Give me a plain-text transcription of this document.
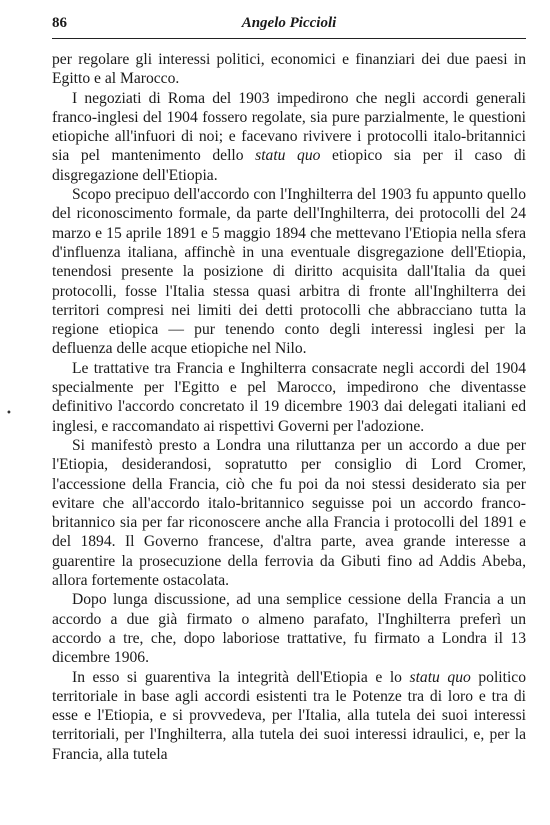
86	Angelo Piccioli
•

per regolare gli interessi politici, economici e finanziari dei due paesi in Egitto e al Marocco.

I negoziati di Roma del 1903 impedirono che negli accordi generali franco-inglesi del 1904 fossero regolate, sia pure parzialmente, le questioni etiopiche all'infuori di noi; e facevano rivivere i protocolli italo-britannici sia pel mantenimento dello statu quo etiopico sia per il caso di disgregazione dell'Etiopia.

Scopo precipuo dell'accordo con l'Inghilterra del 1903 fu appunto quello del riconoscimento formale, da parte dell'Inghilterra, dei protocolli del 24 marzo e 15 aprile 1891 e 5 maggio 1894 che mettevano l'Etiopia nella sfera d'influenza italiana, affinchè in una eventuale disgregazione dell'Etiopia, tenendosi presente la posizione di diritto acquisita dall'Italia da quei protocolli, fosse l'Italia stessa quasi arbitra di fronte all'Inghilterra dei territori compresi nei limiti dei detti protocolli che abbracciano tutta la regione etiopica — pur tenendo conto degli interessi inglesi per la defluenza delle acque etiopiche nel Nilo.

Le trattative tra Francia e Inghilterra consacrate negli accordi del 1904 specialmente per l'Egitto e pel Marocco, impedirono che diventasse definitivo l'accordo concretato il 19 dicembre 1903 dai delegati italiani ed inglesi, e raccomandato ai rispettivi Governi per l'adozione.

Si manifestò presto a Londra una riluttanza per un accordo a due per l'Etiopia, desiderandosi, sopratutto per consiglio di Lord Cromer, l'accessione della Francia, ciò che fu poi da noi stessi desiderato sia per evitare che all'accordo italo-britannico seguisse poi un accordo franco-britannico sia per far riconoscere anche alla Francia i protocolli del 1891 e del 1894. Il Governo francese, d'altra parte, avea grande interesse a guarentire la prosecuzione della ferrovia da Gibuti fino ad Addis Abeba, allora fortemente ostacolata.

Dopo lunga discussione, ad una semplice cessione della Francia a un accordo a due già firmato o almeno parafato, l'Inghilterra preferì un accordo a tre, che, dopo laboriose trattative, fu firmato a Londra il 13 dicembre 1906.

In esso si guarentiva la integrità dell'Etiopia e lo statu quo politico territoriale in base agli accordi esistenti tra le Potenze tra di loro e tra di esse e l'Etiopia, e si provvedeva, per l'Italia, alla tutela dei suoi interessi territoriali, per l'Inghilterra, alla tutela dei suoi interessi idraulici, e, per la Francia, alla tutela
